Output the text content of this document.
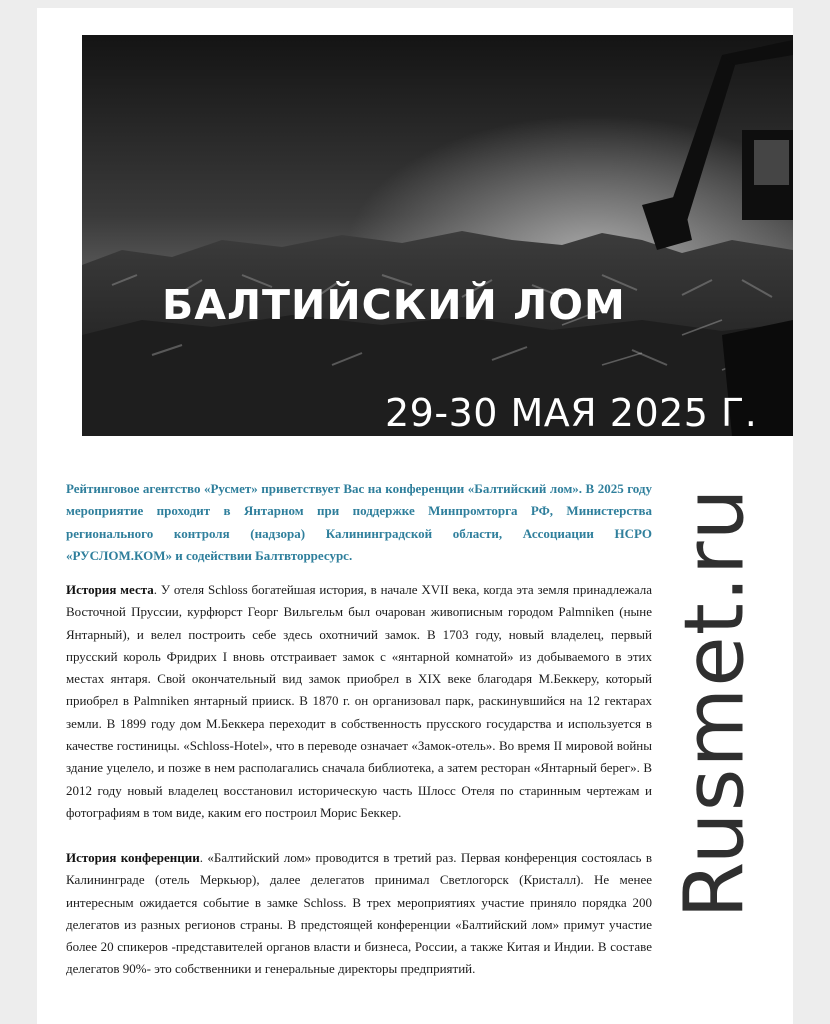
БАЛТИЙСКИЙ ЛОМ
29-30 МАЯ 2025 Г.

Рейтинговое агентство «Русмет» приветствует Вас на конференции «Балтийский лом». В 2025 году мероприятие проходит в Янтарном при поддержке Минпромторга РФ, Министерства регионального контроля (надзора) Калининградской области, Ассоциации НСРО «РУСЛОМ.КОМ» и содействии Балтвторресурс.

История места. У отеля Schloss богатейшая история, в начале XVII века, когда эта земля принадлежала Восточной Пруссии, курфюрст Георг Вильгельм был очарован живописным городом Palmniken (ныне Янтарный), и велел построить себе здесь охотничий замок. В 1703 году, новый владелец, первый прусский король Фридрих I вновь отстраивает замок с «янтарной комнатой» из добываемого в этих местах янтаря. Свой окончательный вид замок приобрел в XIX веке благодаря М.Беккеру, который приобрел в Palmniken янтарный прииск. В 1870 г. он организовал парк, раскинувшийся на 12 гектарах земли. В 1899 году дом М.Беккера переходит в собственность прусского государства и используется в качестве гостиницы. «Schloss-Hotel», что в переводе означает «Замок-отель». Во время II мировой войны здание уцелело, и позже в нем располагались сначала библиотека, а затем ресторан «Янтарный берег». В 2012 году новый владелец восстановил историческую часть Шлосс Отеля по старинным чертежам и фотографиям в том виде, каким его построил Морис Беккер.

История конференции. «Балтийский лом» проводится в третий раз. Первая конференция состоялась в Калининграде (отель Меркьюр), далее делегатов принимал Светлогорск (Кристалл). Не менее интересным ожидается событие в замке Schloss. В трех мероприятиях участие приняло порядка 200 делегатов из разных регионов страны. В предстоящей конференции «Балтийский лом» примут участие более 20 спикеров -представителей органов власти и бизнеса, России, а также Китая и Индии. В составе делегатов 90%- это собственники и генеральные директоры предприятий.

Rusmet.ru
